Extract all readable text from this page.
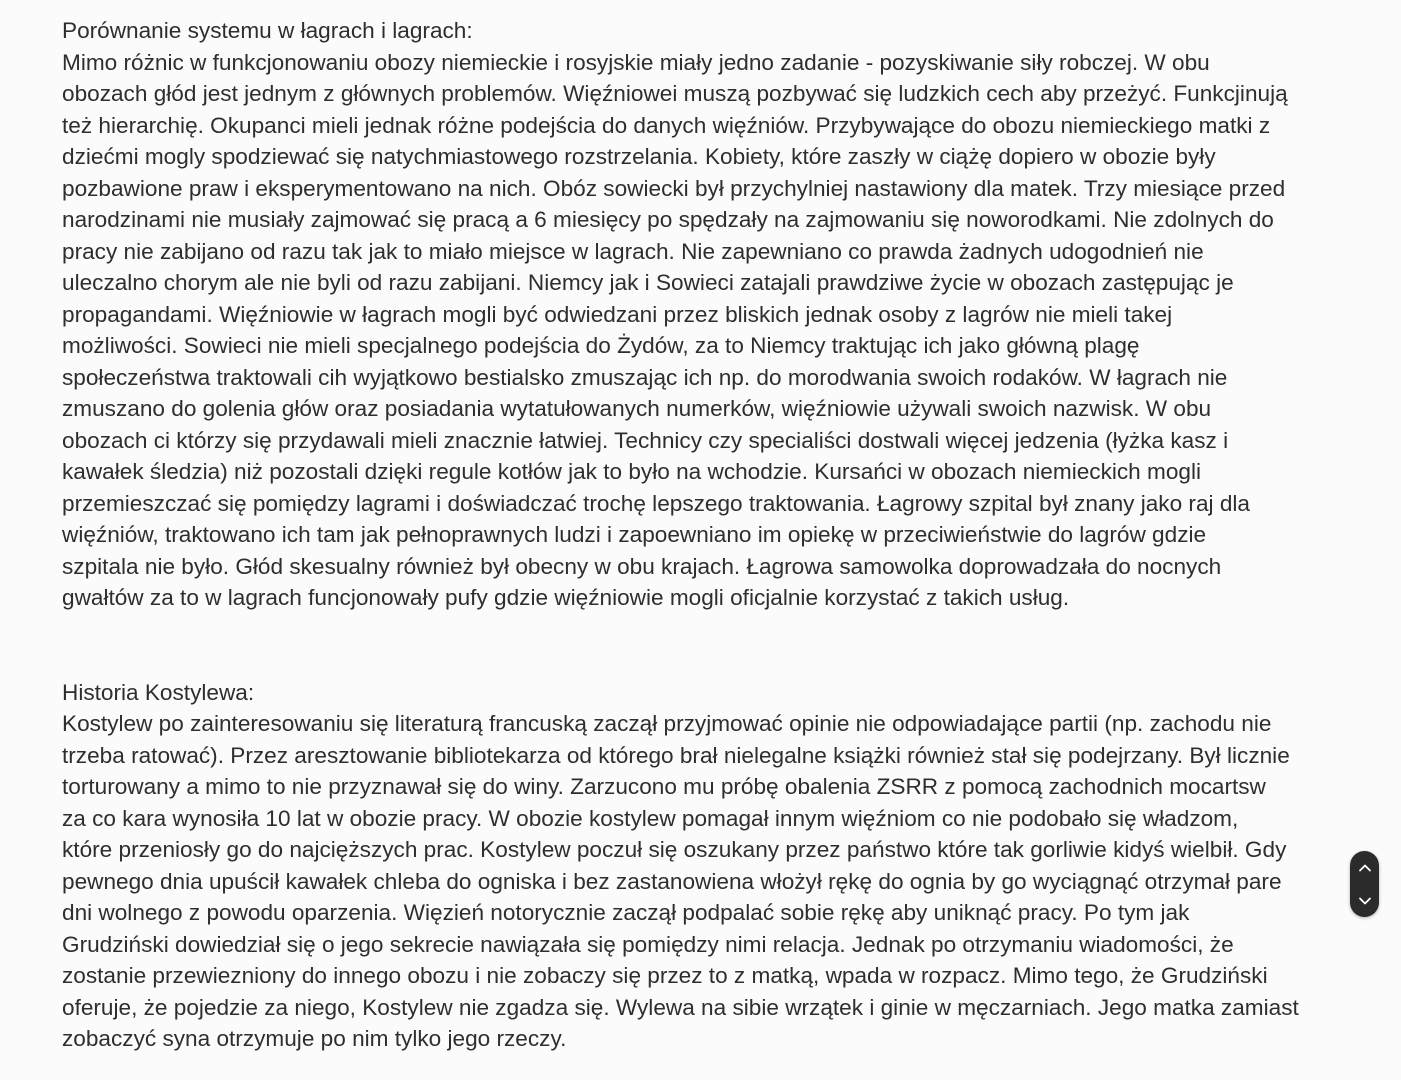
Porównanie systemu w łagrach i lagrach:

Mimo różnic w funkcjonowaniu obozy niemieckie i rosyjskie miały jedno zadanie - pozyskiwanie siły robczej. W obu
obozach głód jest jednym z głównych problemów. Więźniowei muszą pozbywać się ludzkich cech aby przeżyć. Funkcjinują
też hierarchię. Okupanci mieli jednak różne podejścia do danych więźniów. Przybywające do obozu niemieckiego matki z
dziećmi mogly spodziewać się natychmiastowego rozstrzelania. Kobiety, które zaszły w ciążę dopiero w obozie były
pozbawione praw i eksperymentowano na nich. Obóz sowiecki był przychylniej nastawiony dla matek. Trzy miesiące przed
narodzinami nie musiały zajmować się pracą a 6 miesięcy po spędzały na zajmowaniu się noworodkami. Nie zdolnych do
pracy nie zabijano od razu tak jak to miało miejsce w lagrach. Nie zapewniano co prawda żadnych udogodnień nie
uleczalno chorym ale nie byli od razu zabijani. Niemcy jak i Sowieci zatajali prawdziwe życie w obozach zastępując je
propagandami. Więźniowie w łagrach mogli być odwiedzani przez bliskich jednak osoby z lagrów nie mieli takej
możliwości. Sowieci nie mieli specjalnego podejścia do Żydów, za to Niemcy traktując ich jako główną plagę
społeczeństwa traktowali cih wyjątkowo bestialsko zmuszając ich np. do morodwania swoich rodaków. W łagrach nie
zmuszano do golenia głów oraz posiadania wytatułowanych numerków, więźniowie używali swoich nazwisk. W obu
obozach ci którzy się przydawali mieli znacznie łatwiej. Technicy czy specialiści dostwali więcej jedzenia (łyżka kasz i
kawałek śledzia) niż pozostali dzięki regule kotłów jak to było na wchodzie. Kursańci w obozach niemieckich mogli
przemieszczać się pomiędzy lagrami i doświadczać trochę lepszego traktowania. Łagrowy szpital był znany jako raj dla
więźniów, traktowano ich tam jak pełnoprawnych ludzi i zapoewniano im opiekę w przeciwieństwie do lagrów gdzie
szpitala nie było. Głód skesualny również był obecny w obu krajach. Łagrowa samowolka doprowadzała do nocnych
gwałtów za to w lagrach funcjonowały pufy gdzie więźniowie mogli oficjalnie korzystać z takich usług.

Historia Kostylewa:

Kostylew po zainteresowaniu się literaturą francuską zaczął przyjmować opinie nie odpowiadające partii (np. zachodu nie
trzeba ratować). Przez aresztowanie bibliotekarza od którego brał nielegalne książki również stał się podejrzany. Był licznie
torturowany a mimo to nie przyznawał się do winy. Zarzucono mu próbę obalenia ZSRR z pomocą zachodnich mocartsw
za co kara wynosiła 10 lat w obozie pracy. W obozie kostylew pomagał innym więźniom co nie podobało się władzom,
które przeniosły go do najcięższych prac. Kostylew poczuł się oszukany przez państwo które tak gorliwie kidyś wielbił. Gdy
pewnego dnia upuścił kawałek chleba do ogniska i bez zastanowiena włożył rękę do ognia by go wyciągnąć otrzymał pare
dni wolnego z powodu oparzenia. Więzień notorycznie zaczął podpalać sobie rękę aby uniknąć pracy. Po tym jak
Grudziński dowiedział się o jego sekrecie nawiązała się pomiędzy nimi relacja. Jednak po otrzymaniu wiadomości, że
zostanie przewiezniony do innego obozu i nie zobaczy się przez to z matką, wpada w rozpacz. Mimo tego, że Grudziński
oferuje, że pojedzie za niego, Kostylew nie zgadza się. Wylewa na sibie wrzątek i ginie w męczarniach. Jego matka zamiast
zobaczyć syna otrzymuje po nim tylko jego rzeczy.
